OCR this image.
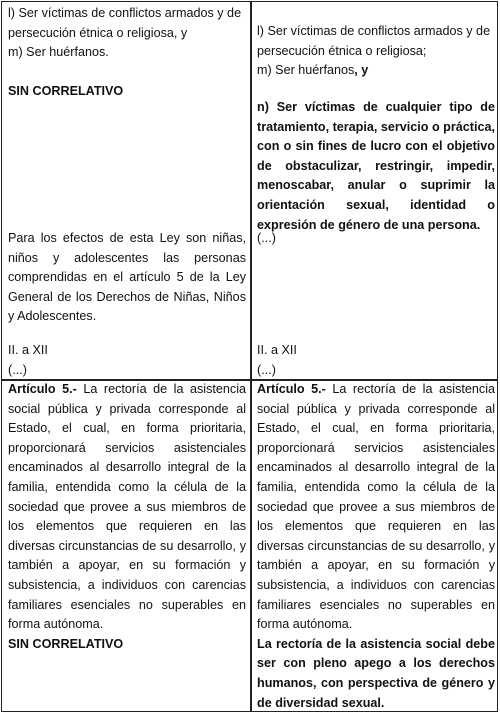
l) Ser víctimas de conflictos armados y de persecución étnica o religiosa, y

m) Ser huérfanos.

SIN CORRELATIVO

Para los efectos de esta Ley son niñas, niños y adolescentes las personas comprendidas en el artículo 5 de la Ley General de los Derechos de Niñas, Niños y Adolescentes.

II. a XII

(...)

l) Ser víctimas de conflictos armados y de persecución étnica o religiosa;

m) Ser huérfanos, y

n) Ser víctimas de cualquier tipo de tratamiento, terapia, servicio o práctica, con o sin fines de lucro con el objetivo de obstaculizar, restringir, impedir, menoscabar, anular o suprimir la orientación sexual, identidad o expresión de género de una persona.

(...)

II. a XII

(...)

Artículo 5.- La rectoría de la asistencia social pública y privada corresponde al Estado, el cual, en forma prioritaria, proporcionará servicios asistenciales encaminados al desarrollo integral de la familia, entendida como la célula de la sociedad que provee a sus miembros de los elementos que requieren en las diversas circunstancias de su desarrollo, y también a apoyar, en su formación y subsistencia, a individuos con carencias familiares esenciales no superables en forma autónoma.

SIN CORRELATIVO

Artículo 5.- La rectoría de la asistencia social pública y privada corresponde al Estado, el cual, en forma prioritaria, proporcionará servicios asistenciales encaminados al desarrollo integral de la familia, entendida como la célula de la sociedad que provee a sus miembros de los elementos que requieren en las diversas circunstancias de su desarrollo, y también a apoyar, en su formación y subsistencia, a individuos con carencias familiares esenciales no superables en forma autónoma.

La rectoría de la asistencia social debe ser con pleno apego a los derechos humanos, con perspectiva de género y de diversidad sexual.
